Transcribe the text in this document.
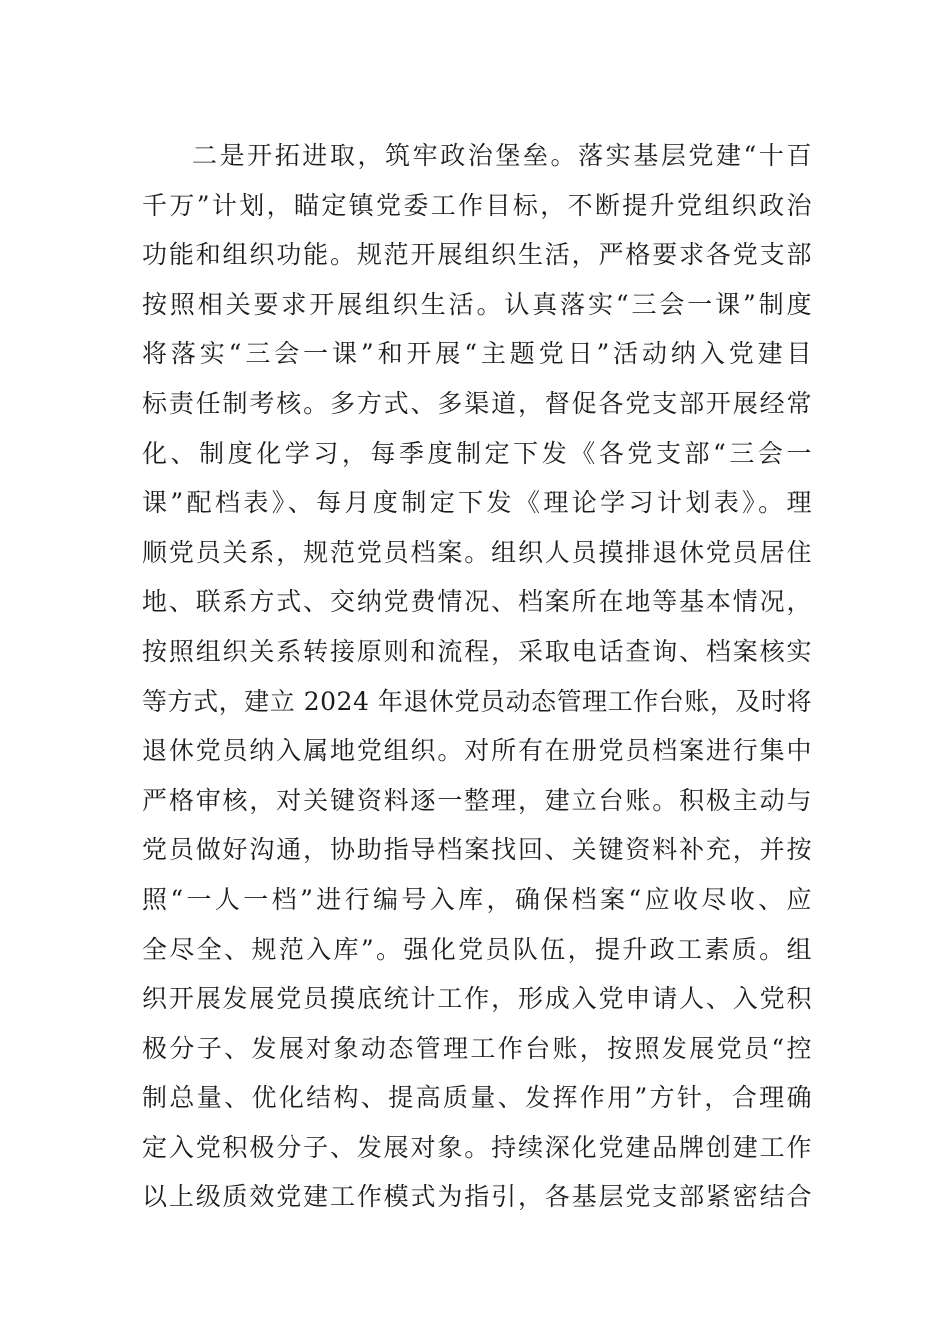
二是开拓进取，筑牢政治堡垒。落实基层党建“十百
千万”计划，瞄定镇党委工作目标，不断提升党组织政治
功能和组织功能。规范开展组织生活，严格要求各党支部
按照相关要求开展组织生活。认真落实“三会一课”制度
将落实“三会一课”和开展“主题党日”活动纳入党建目
标责任制考核。多方式、多渠道，督促各党支部开展经常
化、制度化学习，每季度制定下发《各党支部“三会一
课”配档表》、每月度制定下发《理论学习计划表》。理
顺党员关系，规范党员档案。组织人员摸排退休党员居住
地、联系方式、交纳党费情况、档案所在地等基本情况，
按照组织关系转接原则和流程，采取电话查询、档案核实
等方式，建立 2024 年退休党员动态管理工作台账，及时将
退休党员纳入属地党组织。对所有在册党员档案进行集中
严格审核，对关键资料逐一整理，建立台账。积极主动与
党员做好沟通，协助指导档案找回、关键资料补充，并按
照“一人一档”进行编号入库，确保档案“应收尽收、应
全尽全、规范入库”。强化党员队伍，提升政工素质。组
织开展发展党员摸底统计工作，形成入党申请人、入党积
极分子、发展对象动态管理工作台账，按照发展党员“控
制总量、优化结构、提高质量、发挥作用”方针，合理确
定入党积极分子、发展对象。持续深化党建品牌创建工作
以上级质效党建工作模式为指引，各基层党支部紧密结合
